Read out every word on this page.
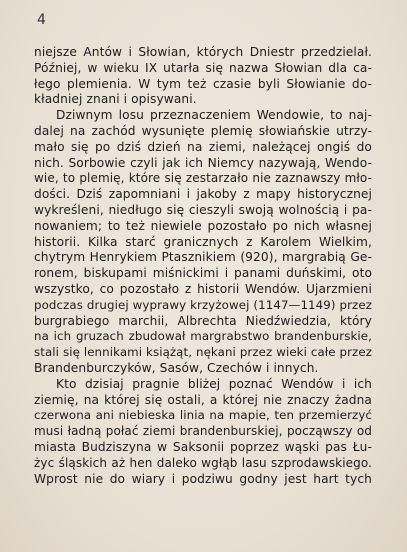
4
niejsze Antów i Słowian, których Dniestr przedzielał.
Później, w wieku IX utarła się nazwa Słowian dla ca-
łego plemienia. W tym też czasie byli Słowianie do-
kładniej znani i opisywani.
Dziwnym losu przeznaczeniem Wendowie, to naj-
dalej na zachód wysunięte plemię słowiańskie utrzy-
mało się po dziś dzień na ziemi, należącej ongiś do
nich. Sorbowie czyli jak ich Niemcy nazywają, Wendo-
wie, to plemię, które się zestarzało nie zaznawszy mło-
dości. Dziś zapomniani i jakoby z mapy historycznej
wykreśleni, niedługo się cieszyli swoją wolnością i pa-
nowaniem; to też niewiele pozostało po nich własnej
historii. Kilka starć granicznych z Karolem Wielkim,
chytrym Henrykiem Ptasznikiem (920), margrabią Ge-
ronem, biskupami miśnickimi i panami duńskimi, oto
wszystko, co pozostało z historii Wendów. Ujarzmieni
podczas drugiej wyprawy krzyżowej (1147—1149) przez
burgrabiego marchii, Albrechta Niedźwiedzia, który
na ich gruzach zbudował margrabstwo brandenburskie,
stali się lennikami książąt, nękani przez wieki całe przez
Brandenburczyków, Sasów, Czechów i innych.
Kto dzisiaj pragnie bliżej poznać Wendów i ich
ziemię, na której się ostali, a której nie znaczy żadna
czerwona ani niebieska linia na mapie, ten przemierzyć
musi ładną połać ziemi brandenburskiej, począwszy od
miasta Budziszyna w Saksonii poprzez wąski pas Łu-
życ śląskich aż hen daleko wgłąb lasu szprodawskiego.
Wprost nie do wiary i podziwu godny jest hart tych
